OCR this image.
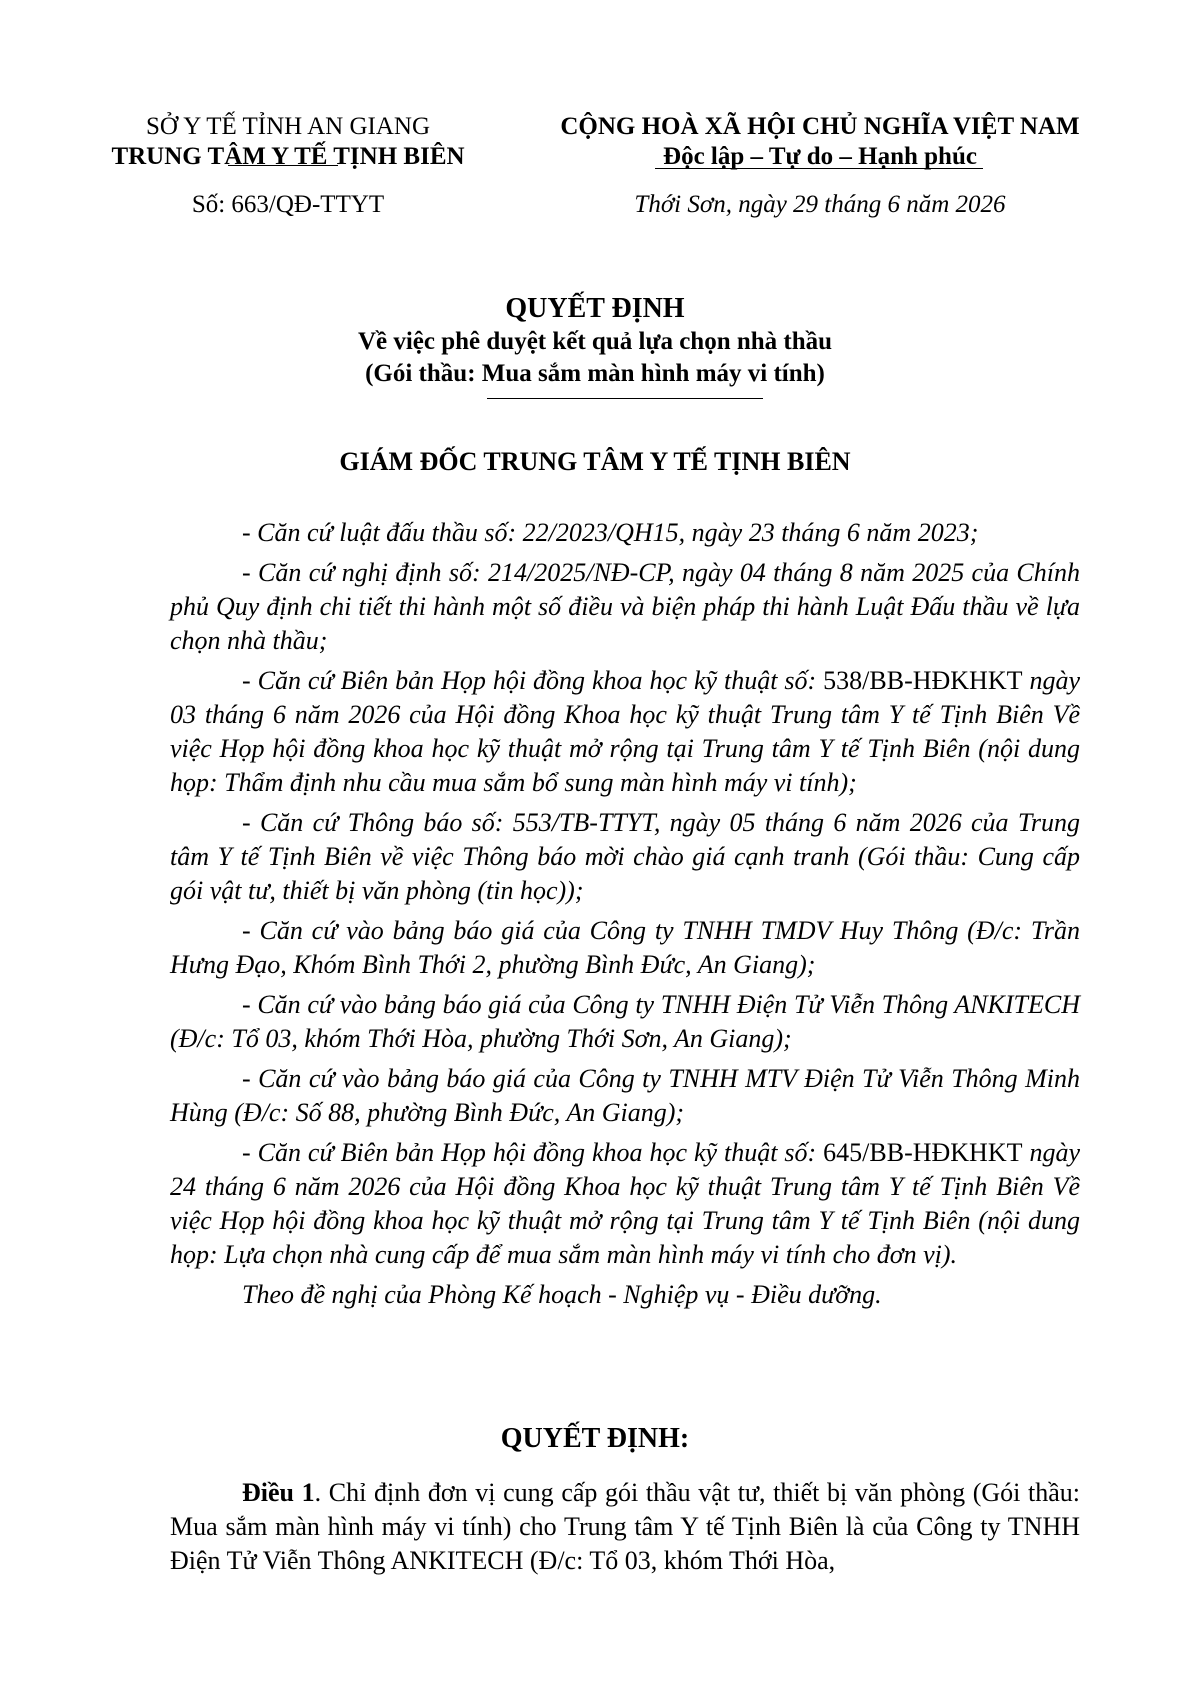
SỞ Y TẾ TỈNH AN GIANG
TRUNG TÂM Y TẾ TỊNH BIÊN
CỘNG HOÀ XÃ HỘI CHỦ NGHĨA VIỆT NAM
Độc lập – Tự do – Hạnh phúc
Số: 663/QĐ-TTYT	Thới Sơn, ngày 29 tháng 6 năm 2026
QUYẾT ĐỊNH
Về việc phê duyệt kết quả lựa chọn nhà thầu
(Gói thầu: Mua sắm màn hình máy vi tính)
GIÁM ĐỐC TRUNG TÂM Y TẾ TỊNH BIÊN

- Căn cứ luật đấu thầu số: 22/2023/QH15, ngày 23 tháng 6 năm 2023;

- Căn cứ nghị định số: 214/2025/NĐ-CP, ngày 04 tháng 8 năm 2025 của Chính phủ Quy định chi tiết thi hành một số điều và biện pháp thi hành Luật Đấu thầu về lựa chọn nhà thầu;

- Căn cứ Biên bản Họp hội đồng khoa học kỹ thuật số: 538/BB-HĐKHKT ngày 03 tháng 6 năm 2026 của Hội đồng Khoa học kỹ thuật Trung tâm Y tế Tịnh Biên Về việc Họp hội đồng khoa học kỹ thuật mở rộng tại Trung tâm Y tế Tịnh Biên (nội dung họp: Thẩm định nhu cầu mua sắm bổ sung màn hình máy vi tính);

- Căn cứ Thông báo số: 553/TB-TTYT, ngày 05 tháng 6 năm 2026 của Trung tâm Y tế Tịnh Biên về việc Thông báo mời chào giá cạnh tranh (Gói thầu: Cung cấp gói vật tư, thiết bị văn phòng (tin học));

- Căn cứ vào bảng báo giá của Công ty TNHH TMDV Huy Thông (Đ/c: Trần Hưng Đạo, Khóm Bình Thới 2, phường Bình Đức, An Giang);

- Căn cứ vào bảng báo giá của Công ty TNHH Điện Tử Viễn Thông ANKITECH (Đ/c: Tổ 03, khóm Thới Hòa, phường Thới Sơn, An Giang);

- Căn cứ vào bảng báo giá của Công ty TNHH MTV Điện Tử Viễn Thông Minh Hùng (Đ/c: Số 88, phường Bình Đức, An Giang);

- Căn cứ Biên bản Họp hội đồng khoa học kỹ thuật số: 645/BB-HĐKHKT ngày 24 tháng 6 năm 2026 của Hội đồng Khoa học kỹ thuật Trung tâm Y tế Tịnh Biên Về việc Họp hội đồng khoa học kỹ thuật mở rộng tại Trung tâm Y tế Tịnh Biên (nội dung họp: Lựa chọn nhà cung cấp để mua sắm màn hình máy vi tính cho đơn vị).

Theo đề nghị của Phòng Kế hoạch - Nghiệp vụ - Điều dưỡng.

QUYẾT ĐỊNH:

Điều 1. Chỉ định đơn vị cung cấp gói thầu vật tư, thiết bị văn phòng (Gói thầu: Mua sắm màn hình máy vi tính) cho Trung tâm Y tế Tịnh Biên là của Công ty TNHH Điện Tử Viễn Thông ANKITECH (Đ/c: Tổ 03, khóm Thới Hòa,
